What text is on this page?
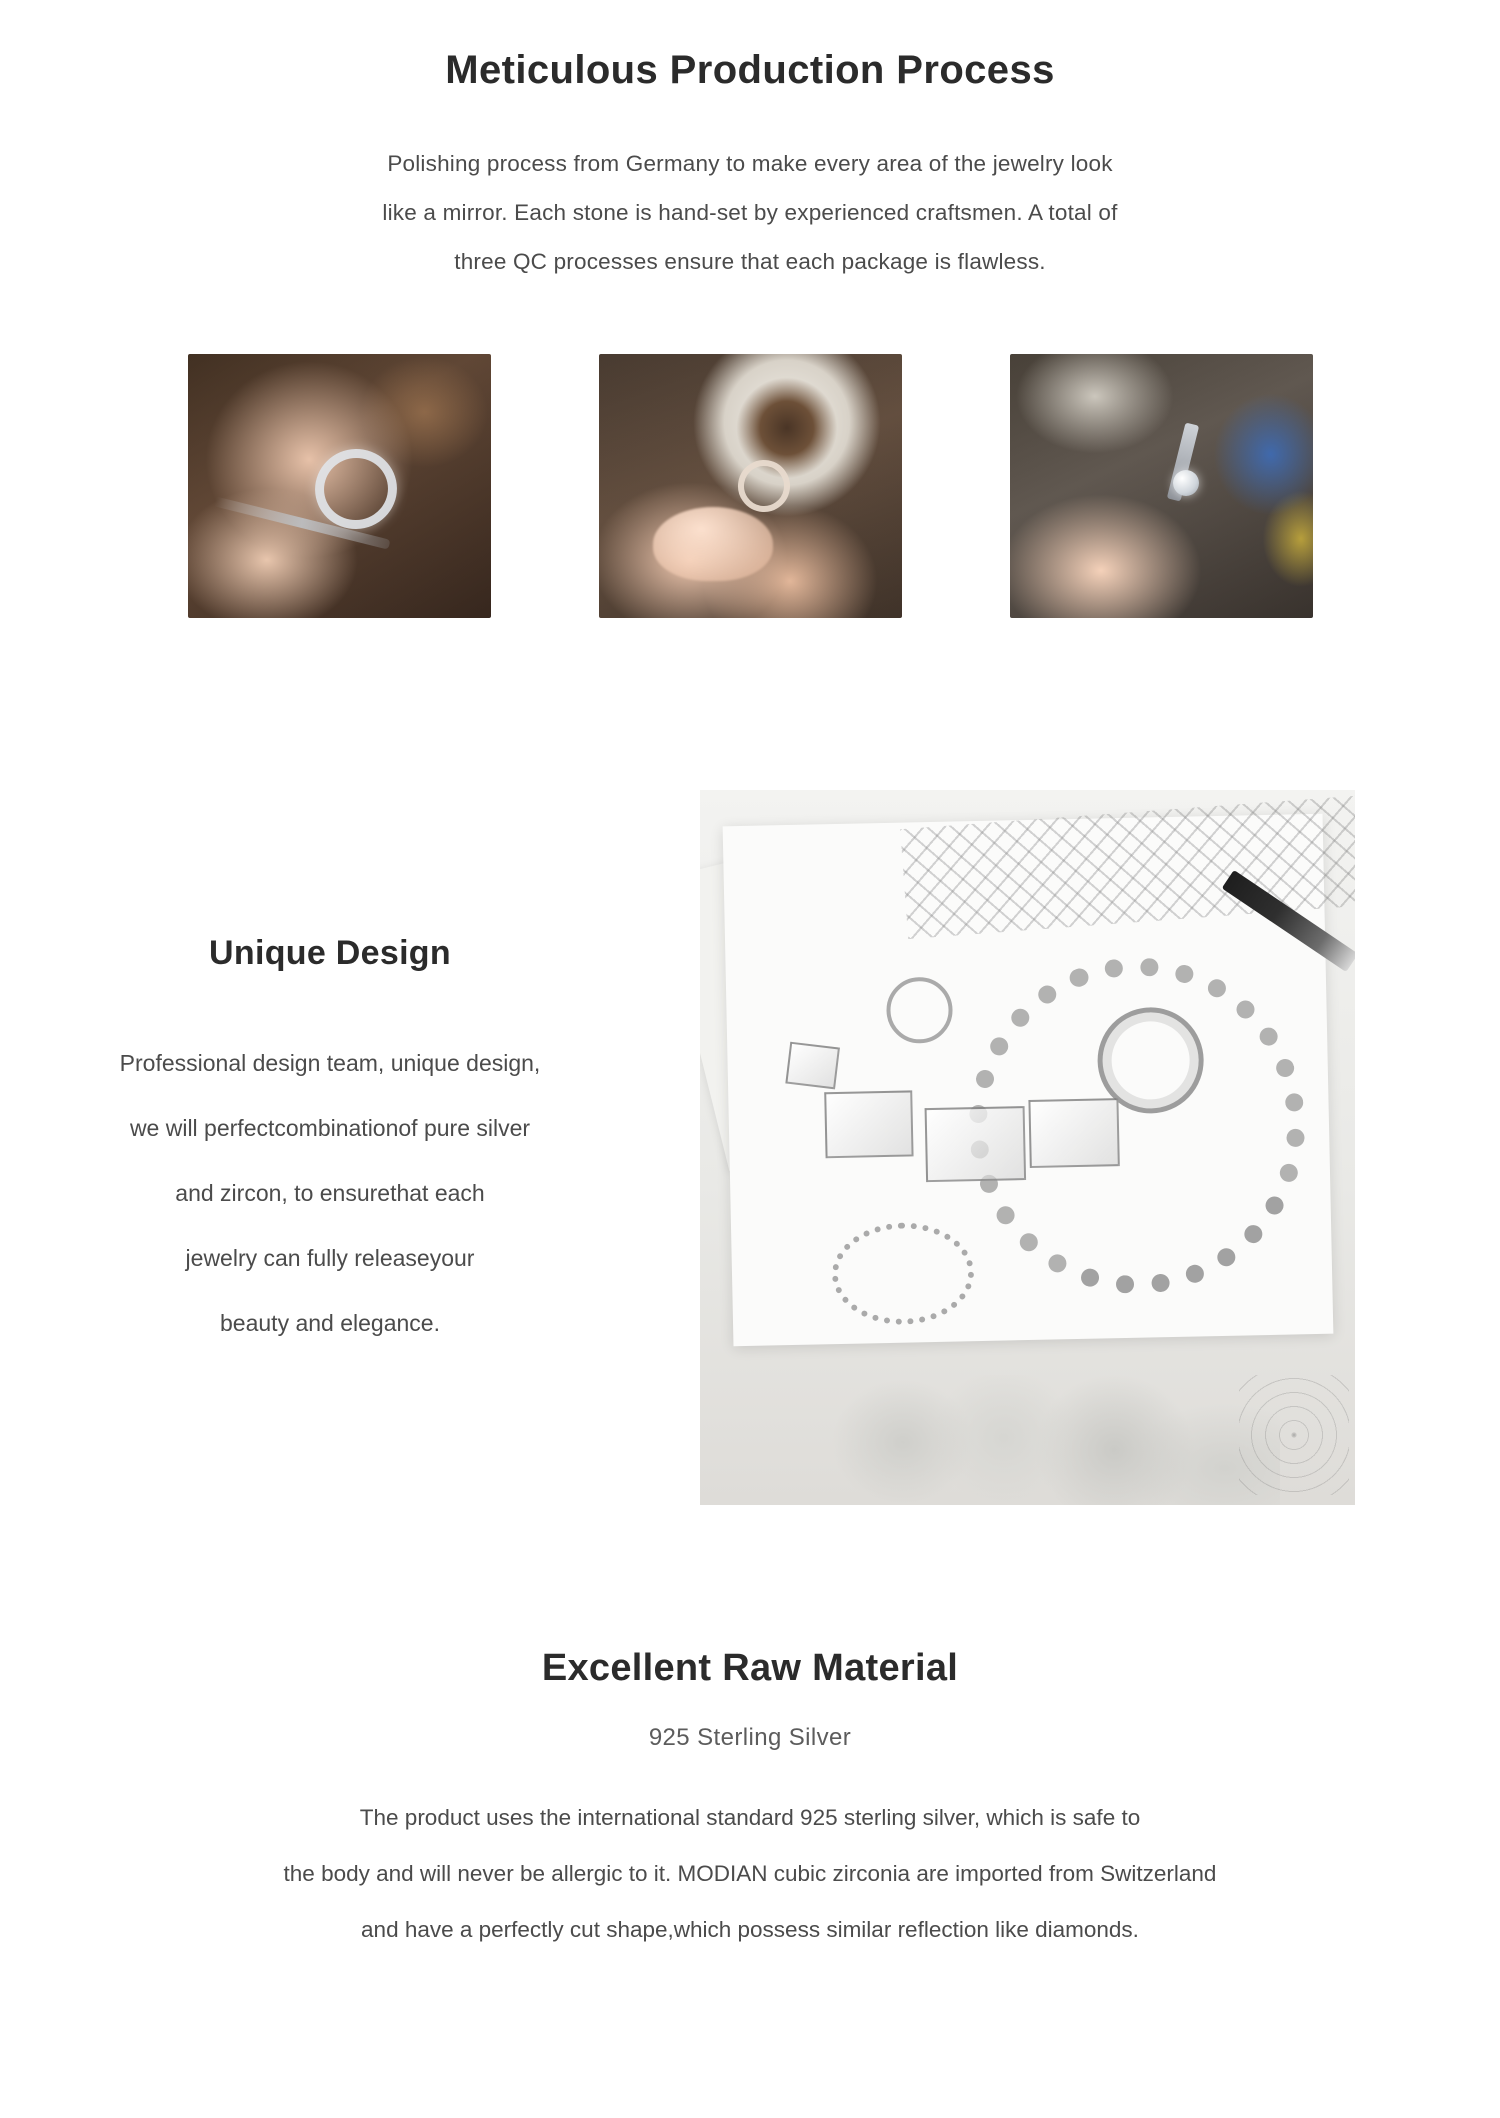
Meticulous Production Process
Polishing process from Germany to make every area of the jewelry look
like a mirror. Each stone is hand-set by experienced craftsmen. A total of
three QC processes ensure that each package is flawless.
Unique Design
Professional design team, unique design,
we will perfectcombinationof pure silver
and zircon, to ensurethat each
jewelry can fully releaseyour
beauty and elegance.
Excellent Raw Material

925 Sterling Silver

The product uses the international standard 925 sterling silver, which is safe to
the body and will never be allergic to it. MODIAN cubic zirconia are imported from Switzerland
and have a perfectly cut shape,which possess similar reflection like diamonds.
